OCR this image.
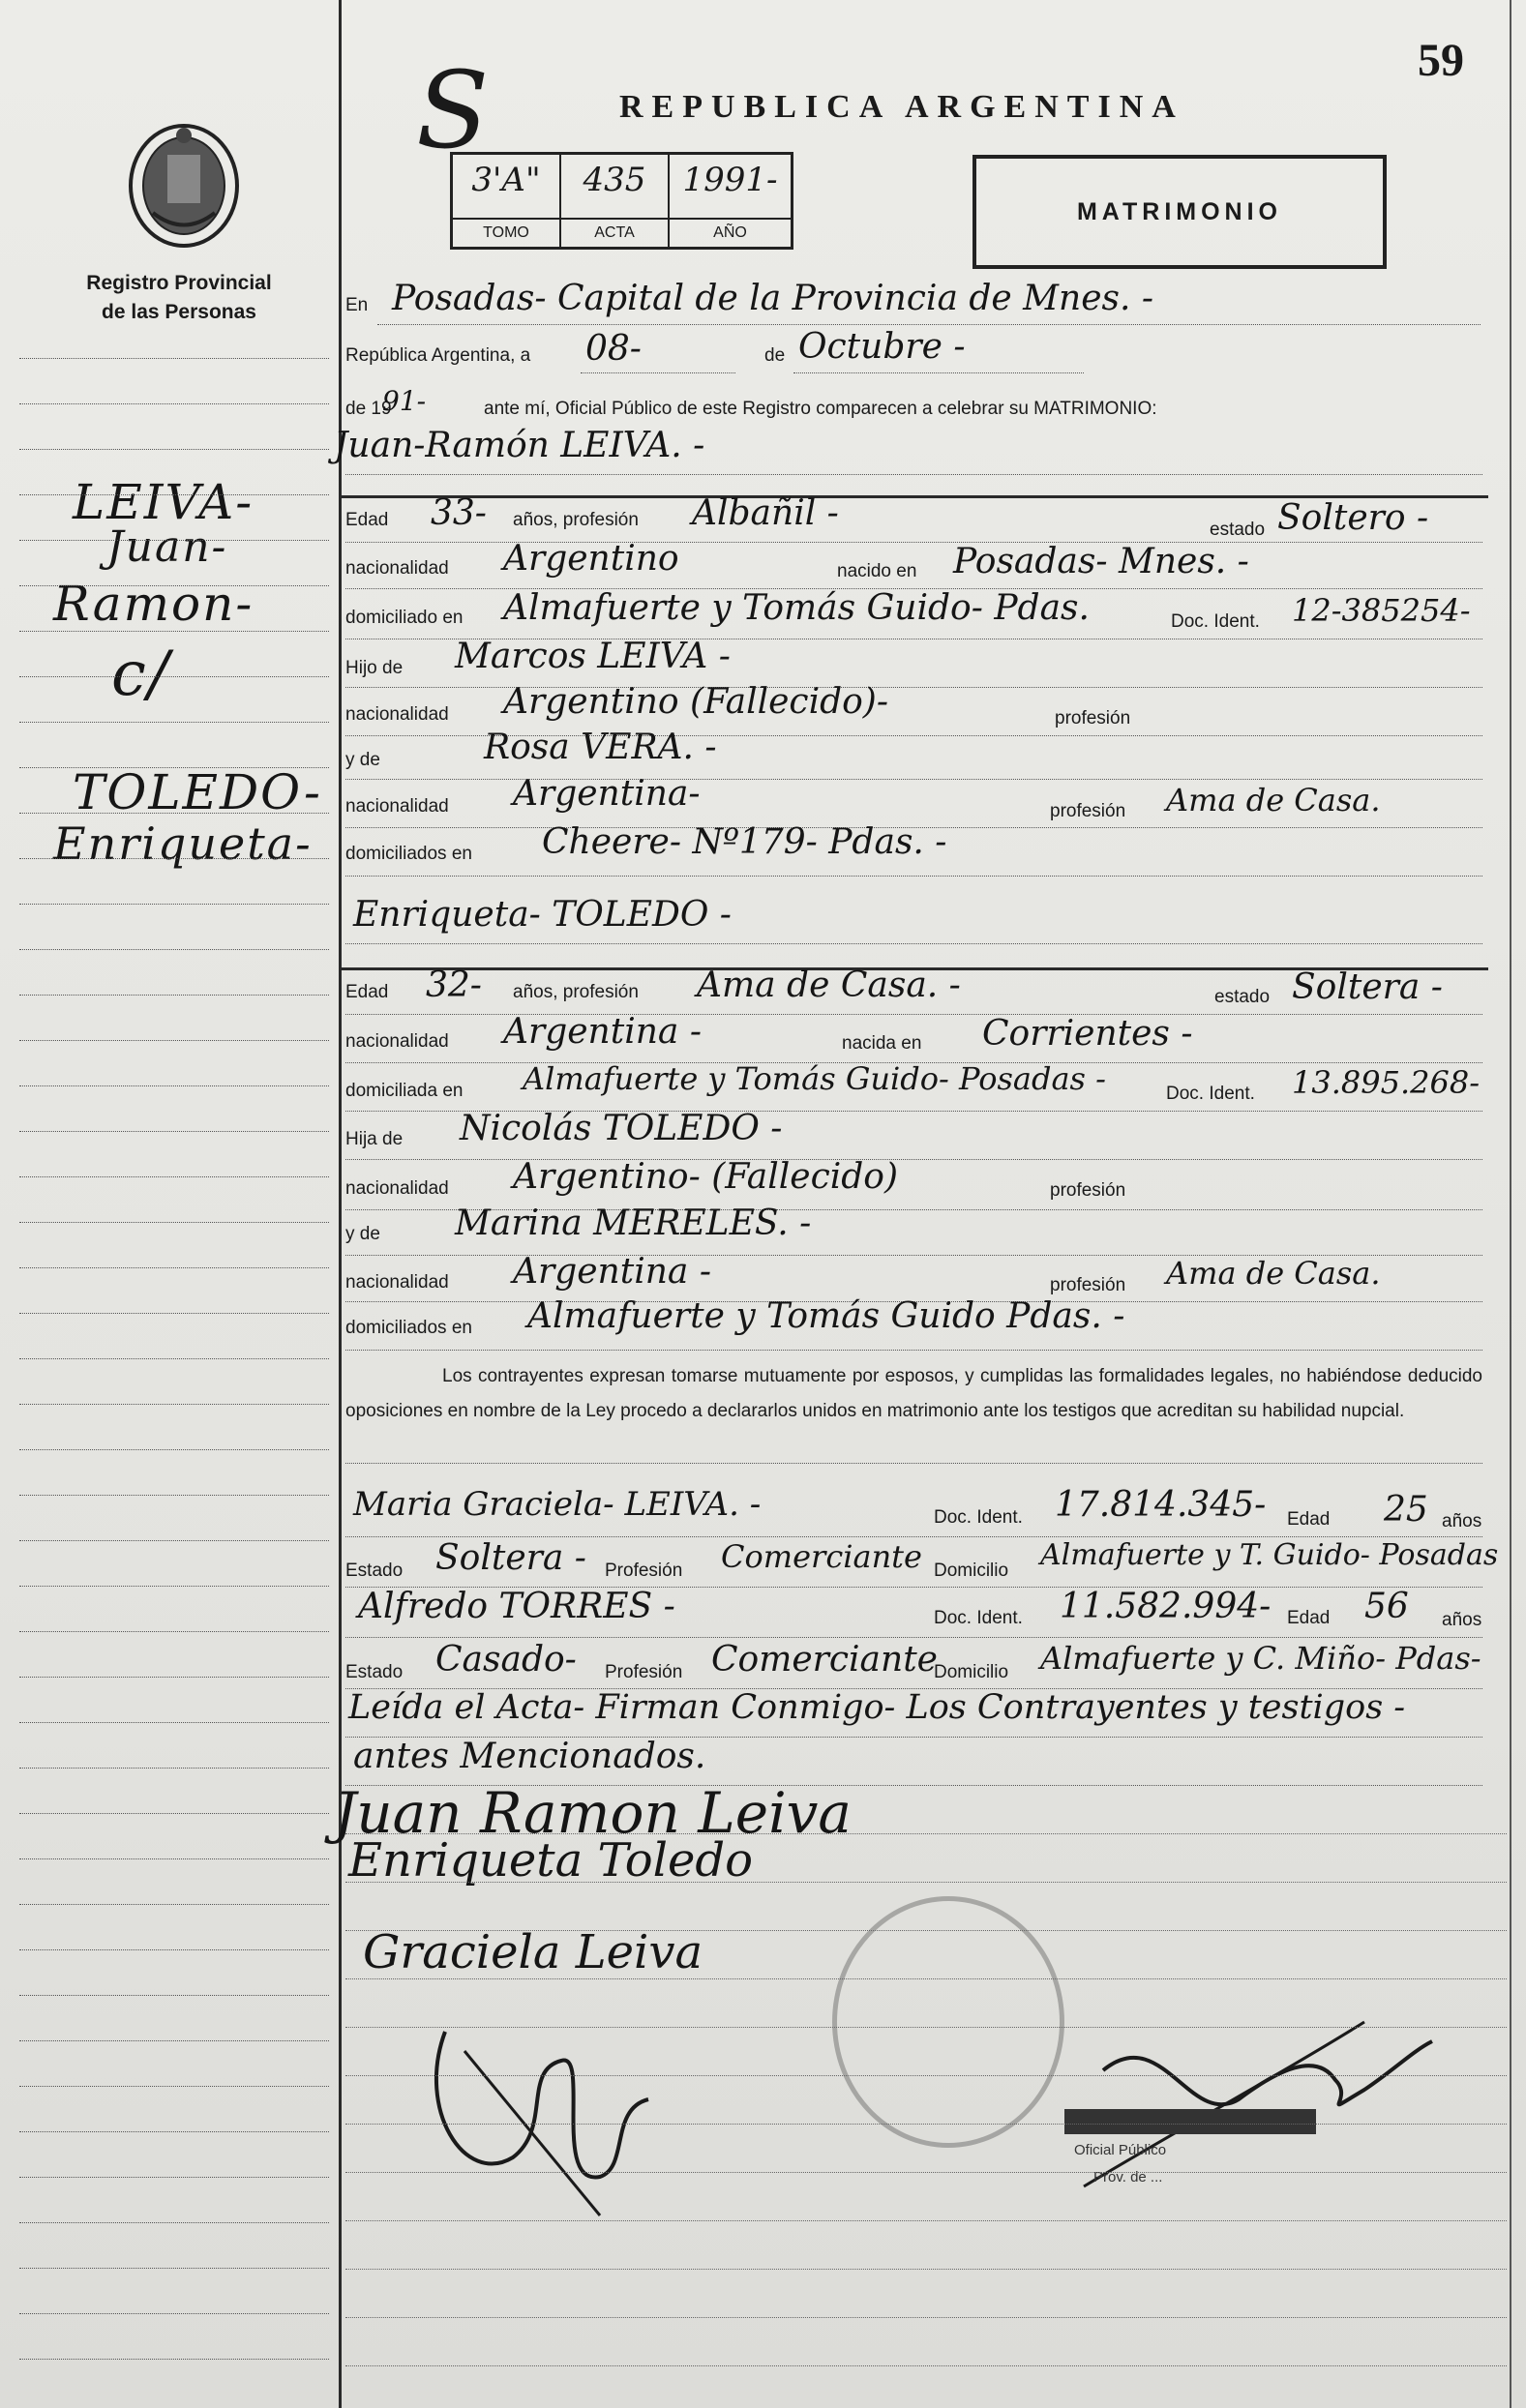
Registro Provincial
de las Personas
LEIVA-
Juan-
Ramon-
c/
TOLEDO-
Enriqueta-
S	59
REPUBLICA ARGENTINA
3'A"
TOMO
435
ACTA
1991-
AÑO
MATRIMONIO
En Posadas- Capital de la Provincia de Mnes. -
República Argentina, a 08-	de Octubre -
de 19
91-	ante mí, Oficial Público de este Registro comparecen a celebrar su MATRIMONIO:
Juan-Ramón LEIVA. -
Edad 33- años, profesión Albañil -	estado Soltero -
nacionalidad Argentino	nacido en Posadas- Mnes. -
domiciliado en Almafuerte y Tomás Guido- Pdas.	Doc. Ident. 12-385254-
Hijo de Marcos LEIVA -
nacionalidad Argentino (Fallecido)-	profesión
y de	Rosa VERA. -
nacionalidad Argentina-	profesión Ama de Casa.
domiciliados en Cheere- Nº179- Pdas. -
Enriqueta- TOLEDO -
Edad 32- años, profesión Ama de Casa. -	estado Soltera -
nacionalidad Argentina -	nacida en Corrientes -
domiciliada en Almafuerte y Tomás Guido- Posadas -	Doc. Ident. 13.895.268-
Hija de Nicolás TOLEDO -
nacionalidad Argentino- (Fallecido)	profesión
y de Marina MERELES. -
nacionalidad Argentina -	profesión Ama de Casa.
domiciliados en Almafuerte y Tomás Guido Pdas. -
Los contrayentes expresan tomarse mutuamente por esposos, y cumplidas las formalidades legales, no habiéndose deducido oposiciones en nombre de la Ley procedo a declararlos unidos en matrimonio ante los testigos que acreditan su habilidad nupcial.
Maria Graciela- LEIVA. -	Doc. Ident. 17.814.345- Edad 25 años
Estado Soltera - Profesión Comerciante Domicilio Almafuerte y T. Guido- Posadas
Alfredo TORRES -	Doc. Ident. 11.582.994- Edad 56 años
Estado Casado- Profesión Comerciante
Domicilio Almafuerte y C. Miño- Pdas-
Leída el Acta- Firman Conmigo- Los Contrayentes y testigos -
antes Mencionados.
Juan Ramon Leiva
Enriqueta Toledo
Graciela Leiva
Oficial Público
Prov. de ...
